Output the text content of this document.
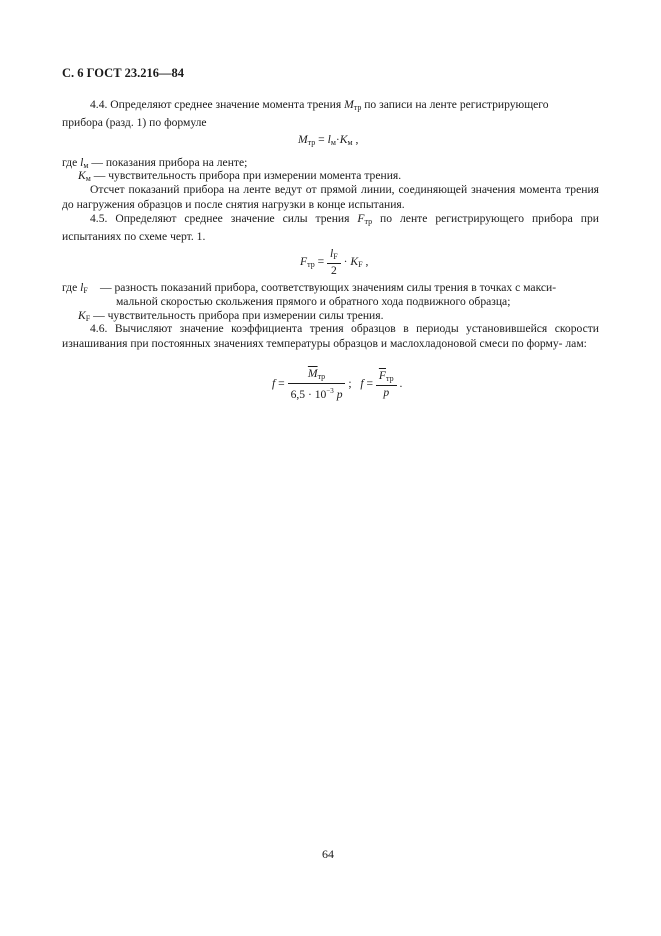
С. 6 ГОСТ 23.216—84
4.4. Определяют среднее значение момента трения $M_{тр}$ по записи на ленте регистрирующего
прибора (разд. 1) по формуле
$M_{тр} = l_м\cdot K_м$ ,
где $l_м$ — показания прибора на ленте;
$K_м$ — чувствительность прибора при измерении момента трения.
Отсчет показаний прибора на ленте ведут от прямой линии, соединяющей значения момента трения до нагружения образцов и после снятия нагрузки в конце испытания.
4.5. Определяют среднее значение силы трения $F_{тр}$ по ленте регистрирующего прибора при испытаниях по схеме черт. 1.
$F_{тр} = \frac{l_F}{2} \cdot K_F$ ,
где $l_F$ — разность показаний прибора, соответствующих значениям силы трения в точках с макси-
мальной скоростью скольжения прямого и обратного хода подвижного образца;
$K_F$ — чувствительность прибора при измерении силы трения.
4.6. Вычисляют значение коэффициента трения образцов в периоды установившейся скорости изнашивания при постоянных значениях температуры образцов и маслохладоновой смеси по форму- лам:
$f = \frac{\overline{M}_{тр}}{6,5 \cdot 10^{-3} p}$ ; $f = \frac{\overline{F}_{тр}}{p}$ .
64
